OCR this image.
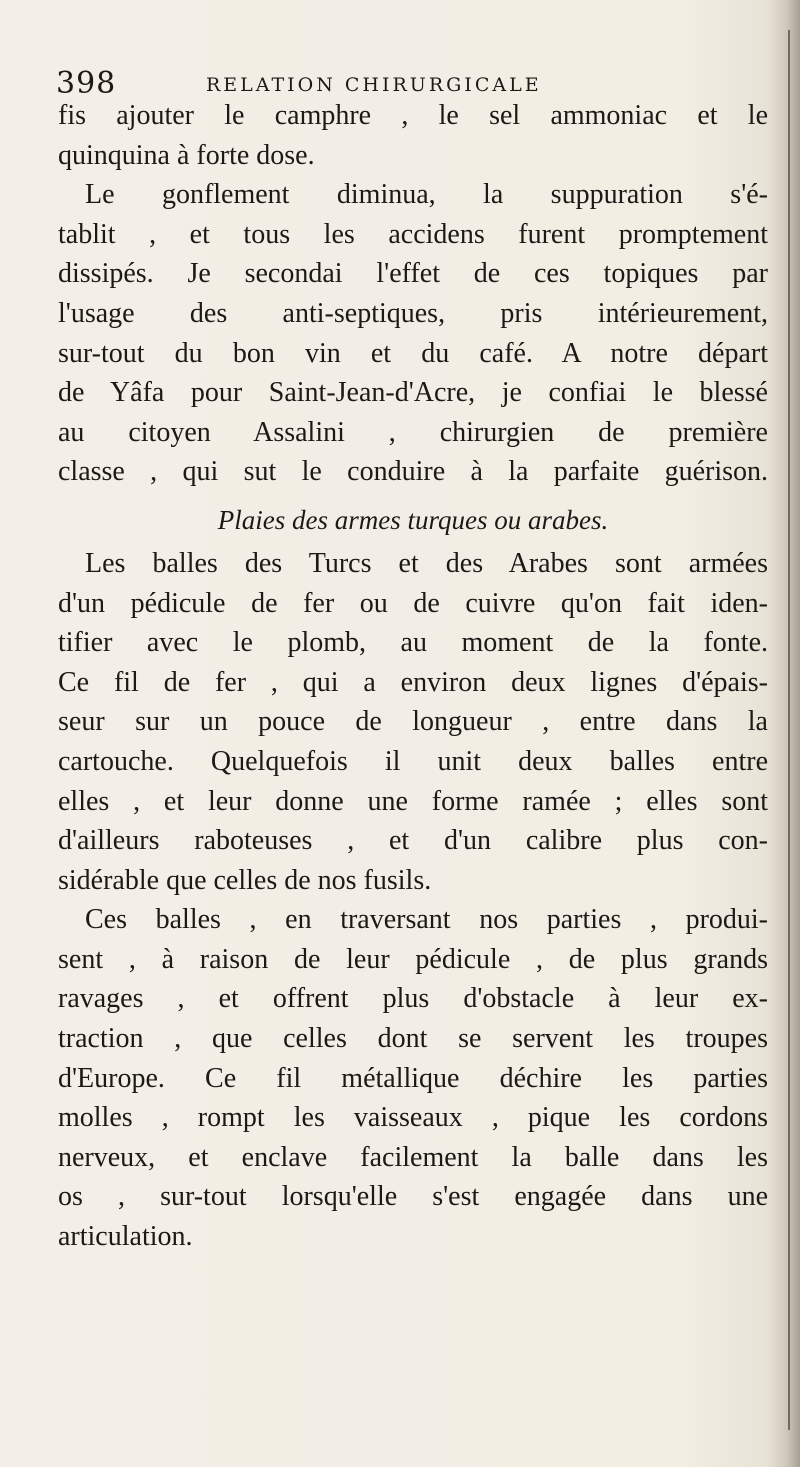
398	RELATION CHIRURGICALE
fis ajouter le camphre , le sel ammoniac et le
quinquina à forte dose.
Le gonflement diminua, la suppuration s'é-
tablit , et tous les accidens furent promptement
dissipés. Je secondai l'effet de ces topiques par
l'usage des anti-septiques, pris intérieurement,
sur-tout du bon vin et du café. A notre départ
de Yâfa pour Saint-Jean-d'Acre, je confiai le blessé
au citoyen Assalini , chirurgien de première
classe , qui sut le conduire à la parfaite guérison.
Plaies des armes turques ou arabes.
Les balles des Turcs et des Arabes sont armées
d'un pédicule de fer ou de cuivre qu'on fait iden-
tifier avec le plomb, au moment de la fonte.
Ce fil de fer , qui a environ deux lignes d'épais-
seur sur un pouce de longueur , entre dans la
cartouche. Quelquefois il unit deux balles entre
elles , et leur donne une forme ramée ; elles sont
d'ailleurs raboteuses , et d'un calibre plus con-
sidérable que celles de nos fusils.
Ces balles , en traversant nos parties , produi-
sent , à raison de leur pédicule , de plus grands
ravages , et offrent plus d'obstacle à leur ex-
traction , que celles dont se servent les troupes
d'Europe. Ce fil métallique déchire les parties
molles , rompt les vaisseaux , pique les cordons
nerveux, et enclave facilement la balle dans les
os , sur-tout lorsqu'elle s'est engagée dans une
articulation.
